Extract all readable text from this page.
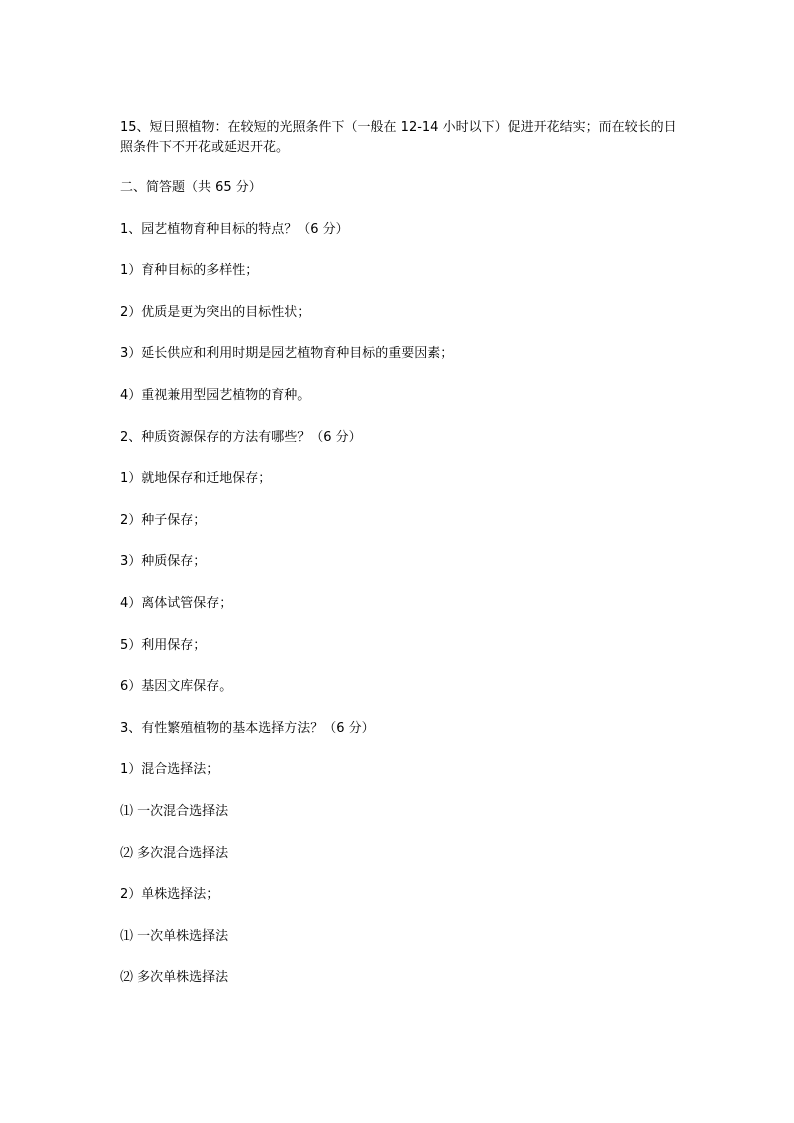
15、短日照植物：在较短的光照条件下（一般在 12-14 小时以下）促进开花结实；而在较长的日照条件下不开花或延迟开花。

二、简答题（共 65 分）

1、园艺植物育种目标的特点？（6 分）

1）育种目标的多样性；

2）优质是更为突出的目标性状；

3）延长供应和利用时期是园艺植物育种目标的重要因素；

4）重视兼用型园艺植物的育种。

2、种质资源保存的方法有哪些？（6 分）

1）就地保存和迁地保存；

2）种子保存；

3）种质保存；

4）离体试管保存；

5）利用保存；

6）基因文库保存。

3、有性繁殖植物的基本选择方法？（6 分）

1）混合选择法；

⑴ 一次混合选择法

⑵ 多次混合选择法

2）单株选择法；

⑴ 一次单株选择法

⑵ 多次单株选择法
